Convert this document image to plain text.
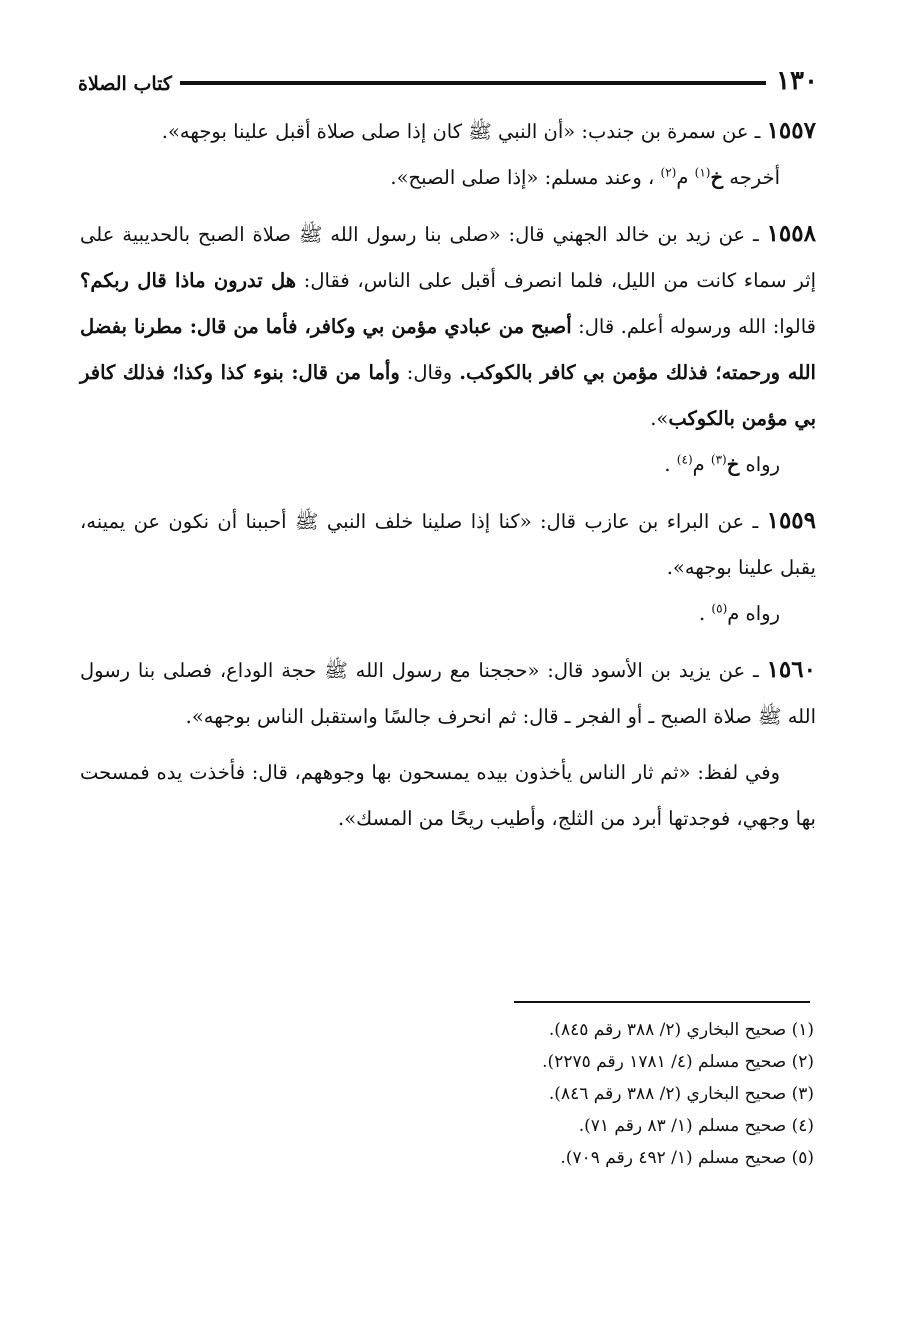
١٣٠
كتاب الصلاة

١٥٥٧ ـ عن سمرة بن جندب: «أن النبي ﷺ كان إذا صلى صلاة أقبل علينا بوجهه».

أخرجه خ$^{(١)}$ م$^{(٢)}$ ، وعند مسلم: «إذا صلى الصبح».

١٥٥٨ ـ عن زيد بن خالد الجهني قال: «صلى بنا رسول الله ﷺ صلاة الصبح بالحديبية على إثر سماء كانت من الليل، فلما انصرف أقبل على الناس، فقال: هل تدرون ماذا قال ربكم؟ قالوا: الله ورسوله أعلم. قال: أصبح من عبادي مؤمن بي وكافر، فأما من قال: مطرنا بفضل الله ورحمته؛ فذلك مؤمن بي كافر بالكوكب. وقال: وأما من قال: بنوء كذا وكذا؛ فذلك كافر بي مؤمن بالكوكب».

رواه خ$^{(٣)}$ م$^{(٤)}$ .

١٥٥٩ ـ عن البراء بن عازب قال: «كنا إذا صلينا خلف النبي ﷺ أحببنا أن نكون عن يمينه، يقبل علينا بوجهه».

رواه م$^{(٥)}$ .

١٥٦٠ ـ عن يزيد بن الأسود قال: «حججنا مع رسول الله ﷺ حجة الوداع، فصلى بنا رسول الله ﷺ صلاة الصبح ـ أو الفجر ـ قال: ثم انحرف جالسًا واستقبل الناس بوجهه».

وفي لفظ: «ثم ثار الناس يأخذون بيده يمسحون بها وجوههم، قال: فأخذت يده فمسحت بها وجهي، فوجدتها أبرد من الثلج، وأطيب ريحًا من المسك».

(١) صحيح البخاري (٢/ ٣٨٨ رقم ٨٤٥).

(٢) صحيح مسلم (٤/ ١٧٨١ رقم ٢٢٧٥).

(٣) صحيح البخاري (٢/ ٣٨٨ رقم ٨٤٦).

(٤) صحيح مسلم (١/ ٨٣ رقم ٧١).

(٥) صحيح مسلم (١/ ٤٩٢ رقم ٧٠٩).
